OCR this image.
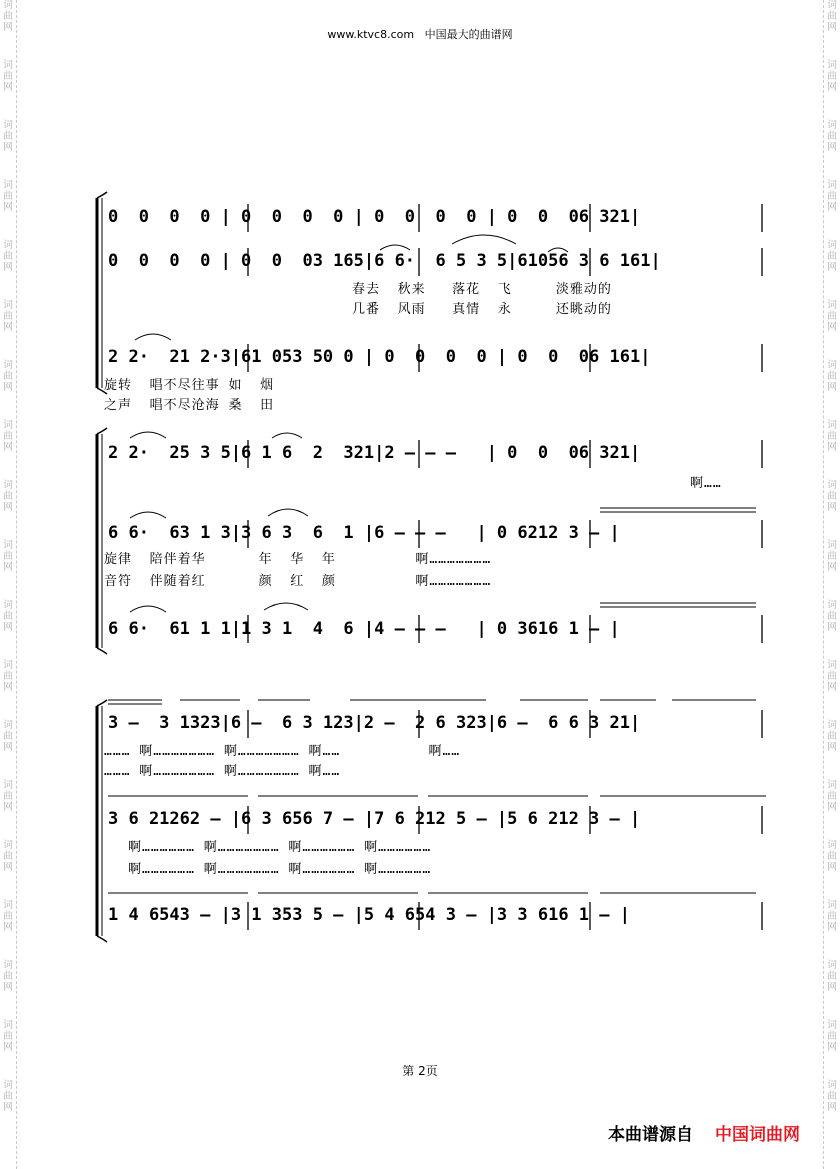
词曲网
词曲网
词曲网
词曲网
词曲网
词曲网
词曲网
词曲网
词曲网
词曲网
词曲网
词曲网
词曲网
词曲网
词曲网
词曲网
词曲网
词曲网
词曲网
词曲网
词曲网
词曲网
词曲网
词曲网
词曲网
词曲网
词曲网
词曲网
词曲网
词曲网
词曲网
词曲网
词曲网
词曲网
词曲网
词曲网
词曲网
词曲网
www.ktvc8.com 中国最大的曲谱网
0  0  0  0 | 0  0  0  0 | 0  0  0  0 | 0  0  06 321|
0  0  0  0 | 0  0  03 165|6 6·  6 5 3 5|61056 3 6 161|
春去  秋来   落花  飞     淡雅动的
几番  风雨   真情  永     还眺动的
2 2·  21 2·3|61 053 50 0 | 0  0  0  0 | 0  0  06 161|
旋转  唱不尽往事 如  烟
之声  唱不尽沧海 桑  田
2 2·  25 3 5|6 1 6  2  321|2 — — —   | 0  0  06 321|
啊……
6 6·  63 1 3|3 6 3  6  1 |6 — — —   | 0 6212 3 — |
旋律  陪伴着华      年  华  年         啊…………………
音符  伴随着红      颜  红  颜         啊…………………
6 6·  61 1 1|1 3 1  4  6 |4 — — —   | 0 3616 1 — |
3 —  3 1323|6 —  6 3 123|2 —  2 6 323|6 —  6 6 3 21|
……… 啊………………… 啊………………… 啊……          啊……
……… 啊………………… 啊………………… 啊……
3 6 21262 — |6 3 656 7 — |7 6 212 5 — |5 6 212 3 — |
啊……………… 啊………………… 啊……………… 啊………………
啊……………… 啊………………… 啊……………… 啊………………
1 4 6543 — |3 1 353 5 — |5 4 654 3 — |3 3 616 1 — |
第 2页
本曲谱源自 中国词曲网
